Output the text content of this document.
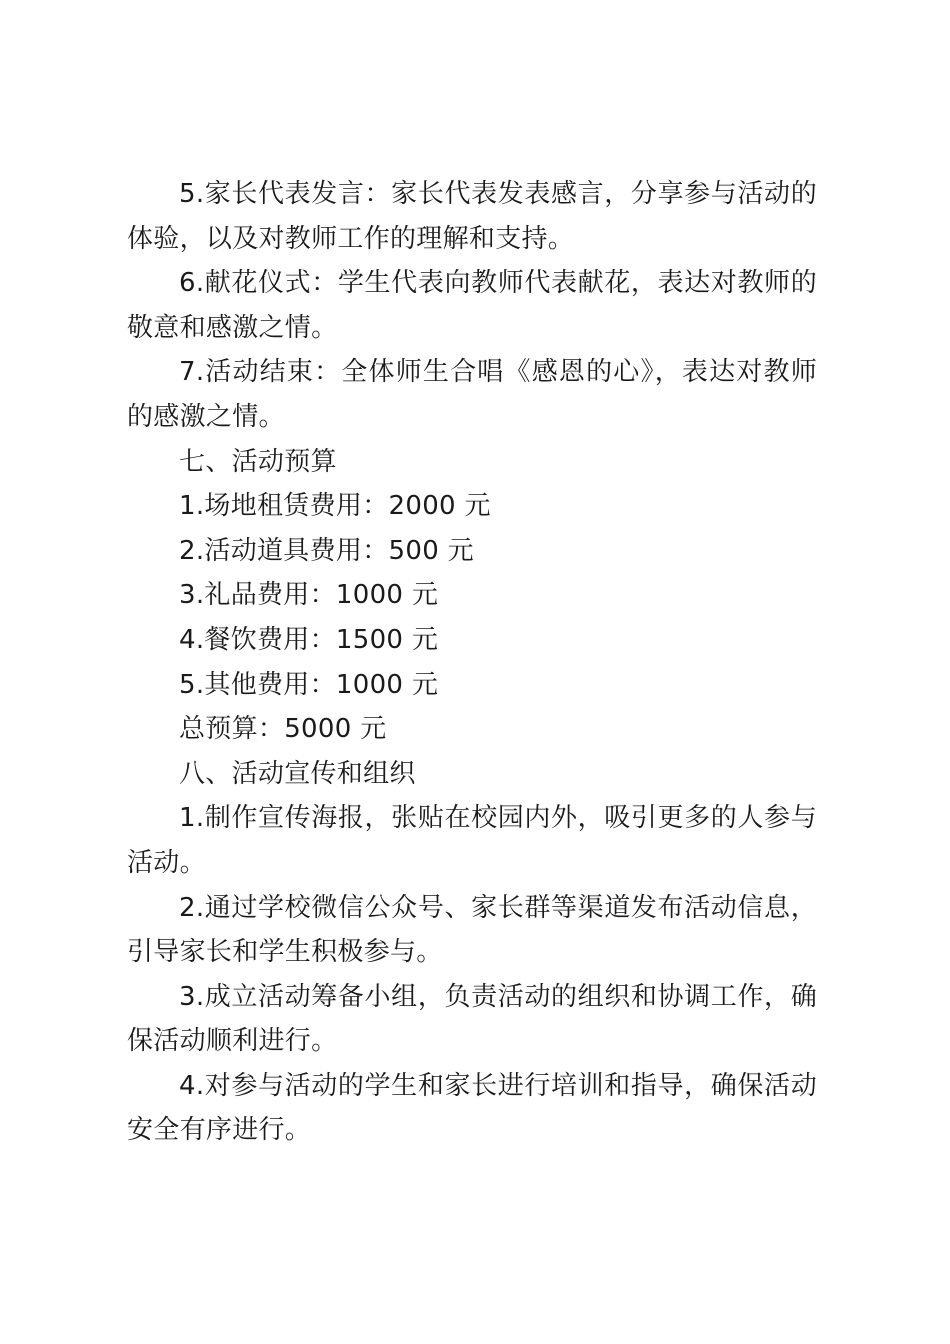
5.家长代表发言：家长代表发表感言，分享参与活动的体验，以及对教师工作的理解和支持。

6.献花仪式：学生代表向教师代表献花，表达对教师的敬意和感激之情。

7.活动结束：全体师生合唱《感恩的心》，表达对教师的感激之情。

七、活动预算

1.场地租赁费用：2000 元

2.活动道具费用：500 元

3.礼品费用：1000 元

4.餐饮费用：1500 元

5.其他费用：1000 元

总预算：5000 元

八、活动宣传和组织

1.制作宣传海报，张贴在校园内外，吸引更多的人参与活动。

2.通过学校微信公众号、家长群等渠道发布活动信息，引导家长和学生积极参与。

3.成立活动筹备小组，负责活动的组织和协调工作，确保活动顺利进行。

4.对参与活动的学生和家长进行培训和指导，确保活动安全有序进行。
